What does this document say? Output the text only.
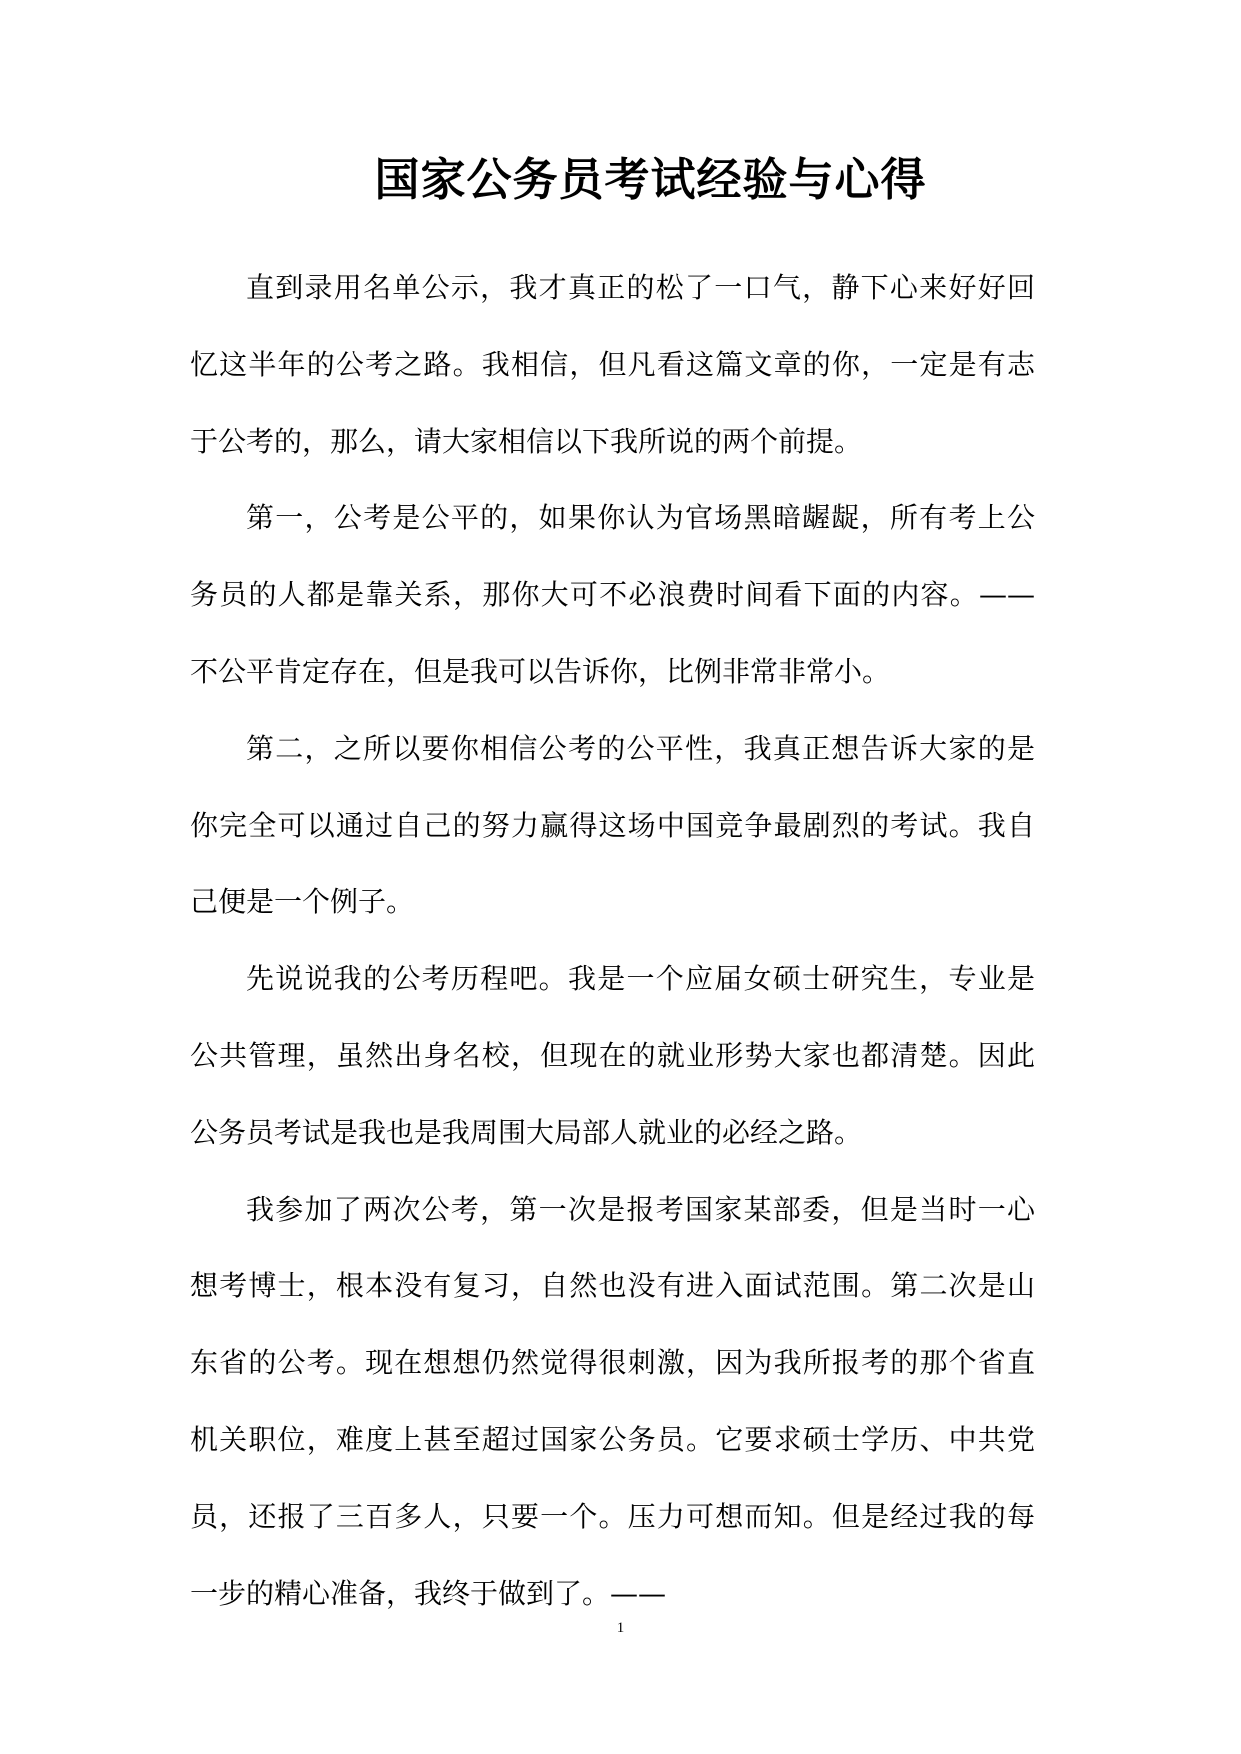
国家公务员考试经验与心得
直到录用名单公示，我才真正的松了一口气，静下心来好好回
忆这半年的公考之路。我相信，但凡看这篇文章的你，一定是有志
于公考的，那么，请大家相信以下我所说的两个前提。
第一，公考是公平的，如果你认为官场黑暗龌龊，所有考上公
务员的人都是靠关系，那你大可不必浪费时间看下面的内容。——
不公平肯定存在，但是我可以告诉你，比例非常非常小。
第二，之所以要你相信公考的公平性，我真正想告诉大家的是
你完全可以通过自己的努力赢得这场中国竞争最剧烈的考试。我自
己便是一个例子。
先说说我的公考历程吧。我是一个应届女硕士研究生，专业是
公共管理，虽然出身名校，但现在的就业形势大家也都清楚。因此
公务员考试是我也是我周围大局部人就业的必经之路。
我参加了两次公考，第一次是报考国家某部委，但是当时一心
想考博士，根本没有复习，自然也没有进入面试范围。第二次是山
东省的公考。现在想想仍然觉得很刺激，因为我所报考的那个省直
机关职位，难度上甚至超过国家公务员。它要求硕士学历、中共党
员，还报了三百多人，只要一个。压力可想而知。但是经过我的每
一步的精心准备，我终于做到了。——
1
